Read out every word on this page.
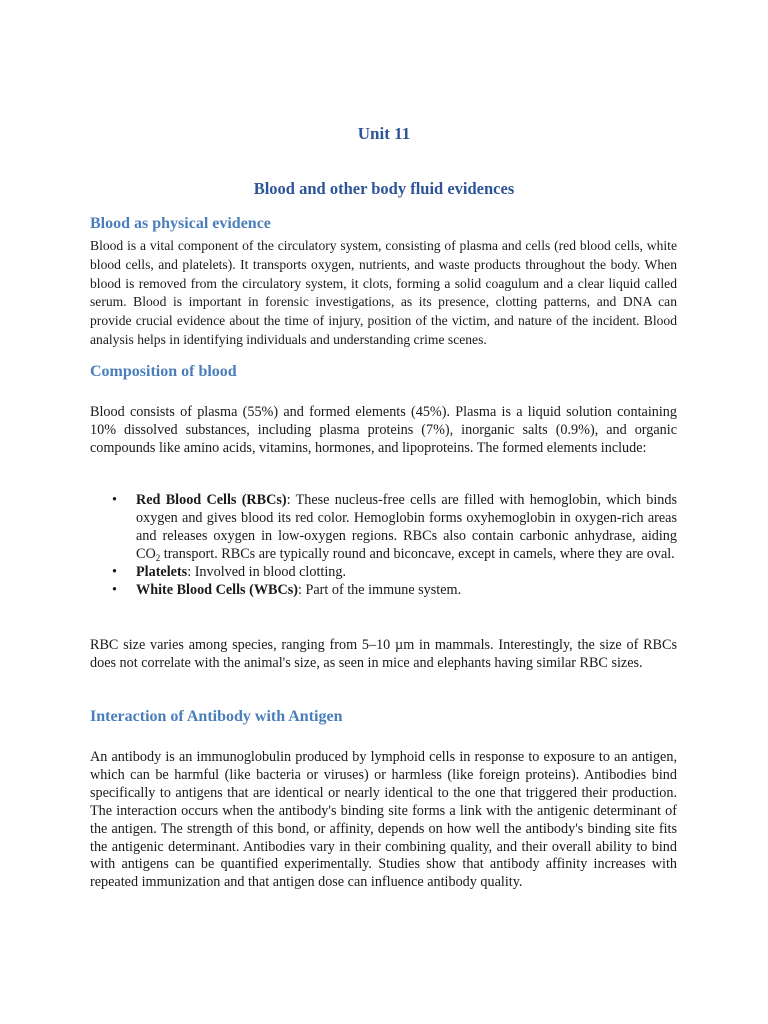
Unit 11
Blood and other body fluid evidences
Blood as physical evidence

Blood is a vital component of the circulatory system, consisting of plasma and cells (red blood cells, white blood cells, and platelets). It transports oxygen, nutrients, and waste products throughout the body. When blood is removed from the circulatory system, it clots, forming a solid coagulum and a clear liquid called serum. Blood is important in forensic investigations, as its presence, clotting patterns, and DNA can provide crucial evidence about the time of injury, position of the victim, and nature of the incident. Blood analysis helps in identifying individuals and understanding crime scenes.

Composition of blood

Blood consists of plasma (55%) and formed elements (45%). Plasma is a liquid solution containing 10% dissolved substances, including plasma proteins (7%), inorganic salts (0.9%), and organic compounds like amino acids, vitamins, hormones, and lipoproteins. The formed elements include:

• Red Blood Cells (RBCs): These nucleus-free cells are filled with hemoglobin, which binds oxygen and gives blood its red color. Hemoglobin forms oxyhemoglobin in oxygen-rich areas and releases oxygen in low-oxygen regions. RBCs also contain carbonic anhydrase, aiding $CO_2$ transport. RBCs are typically round and biconcave, except in camels, where they are oval.
• Platelets: Involved in blood clotting.
• White Blood Cells (WBCs): Part of the immune system.

RBC size varies among species, ranging from 5–10 µm in mammals. Interestingly, the size of RBCs does not correlate with the animal's size, as seen in mice and elephants having similar RBC sizes.

Interaction of Antibody with Antigen

An antibody is an immunoglobulin produced by lymphoid cells in response to exposure to an antigen, which can be harmful (like bacteria or viruses) or harmless (like foreign proteins). Antibodies bind specifically to antigens that are identical or nearly identical to the one that triggered their production. The interaction occurs when the antibody's binding site forms a link with the antigenic determinant of the antigen. The strength of this bond, or affinity, depends on how well the antibody's binding site fits the antigenic determinant. Antibodies vary in their combining quality, and their overall ability to bind with antigens can be quantified experimentally. Studies show that antibody affinity increases with repeated immunization and that antigen dose can influence antibody quality.
